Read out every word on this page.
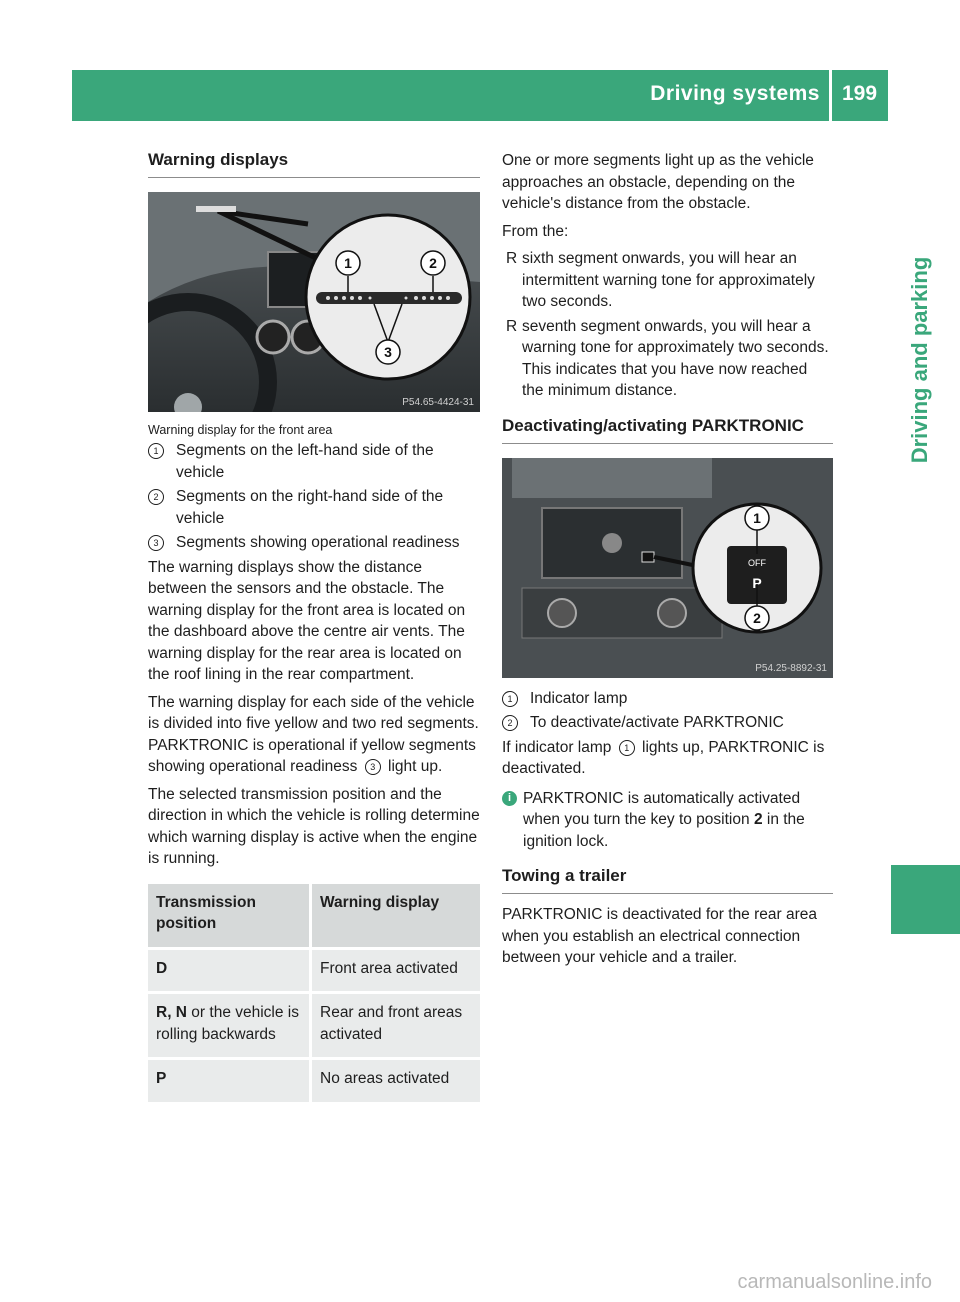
Driving systems 199
Driving and parking
Warning displays
1	2
3
P54.65-4424-31
Warning display for the front area
1	Segments on the left-hand side of the vehicle
2	Segments on the right-hand side of the vehicle
3	Segments showing operational readiness

The warning displays show the distance between the sensors and the obstacle. The warning display for the front area is located on the dashboard above the centre air vents. The warning display for the rear area is located on the roof lining in the rear compartment.

The warning display for each side of the vehicle is divided into five yellow and two red segments. PARKTRONIC is operational if yellow segments showing operational readiness 3 light up.

The selected transmission position and the direction in which the vehicle is rolling determine which warning display is active when the engine is running.

Transmission position	Warning display
D	Front area activated
R, N or the vehicle is rolling backwards	Rear and front areas activated
P	No areas activated

One or more segments light up as the vehicle approaches an obstacle, depending on the vehicle's distance from the obstacle.

From the:

R sixth segment onwards, you will hear an intermittent warning tone for approximately two seconds.
R seventh segment onwards, you will hear a warning tone for approximately two seconds. This indicates that you have now reached the minimum distance.
Deactivating/activating PARKTRONIC
OFF
P
1
2
P54.25-8892-31
1	Indicator lamp
2	To deactivate/activate PARKTRONIC

If indicator lamp 1 lights up, PARKTRONIC is deactivated.

i PARKTRONIC is automatically activated when you turn the key to position 2 in the ignition lock.
Towing a trailer

PARKTRONIC is deactivated for the rear area when you establish an electrical connection between your vehicle and a trailer.

carmanualsonline.info
